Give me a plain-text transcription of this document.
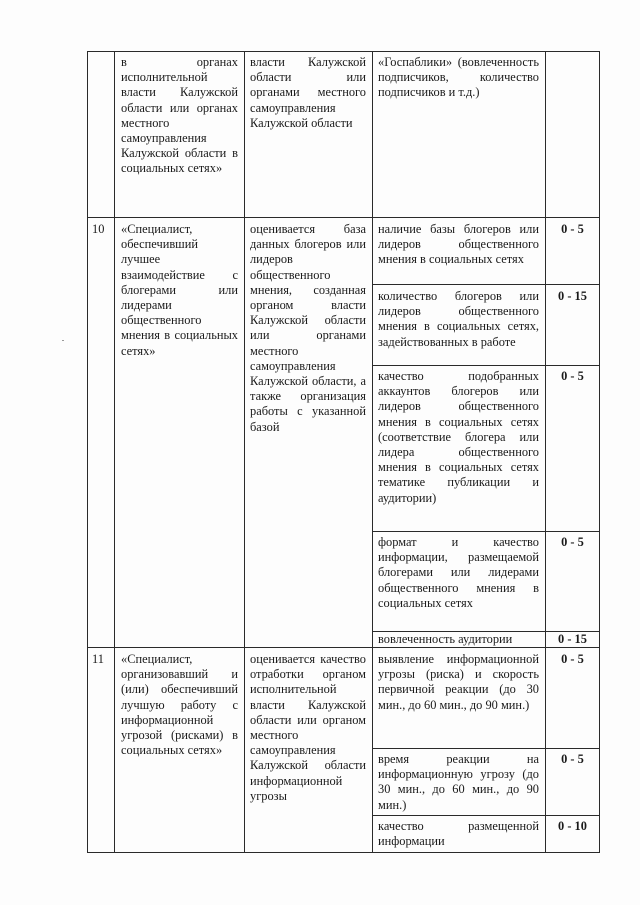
в органах исполнительной власти Калужской области или органах местного самоуправления Калужской области в социальных сетях»
власти Калужской области или органами местного самоуправления Калужской области
«Госпаблики» (вовлеченность подписчиков, количество подписчиков и т.д.)
10 «Специалист, обеспечивший лучшее взаимодействие с блогерами или лидерами общественного мнения в социальных сетях»
оценивается база данных блогеров или лидеров общественного мнения, созданная органом власти Калужской области или органами местного самоуправления Калужской области, а также организация работы с указанной базой
наличие базы блогеров или лидеров общественного мнения в социальных сетях
0 - 5
количество блогеров или лидеров общественного мнения в социальных сетях, задействованных в работе
0 - 15
качество подобранных аккаунтов блогеров или лидеров общественного мнения в социальных сетях (соответствие блогера или лидера общественного мнения в социальных сетях тематике публикации и аудитории)
0 - 5
формат и качество информации, размещаемой блогерами или лидерами общественного мнения в социальных сетях
0 - 5
вовлеченность аудитории	0 - 15
11 «Специалист, организовавший и (или) обеспечивший лучшую работу с информационной угрозой (рисками) в социальных сетях»
оценивается качество отработки органом исполнительной власти Калужской области или органом местного самоуправления Калужской области информационной угрозы
выявление информационной угрозы (риска) и скорость первичной реакции (до 30 мин., до 60 мин., до 90 мин.)
0 - 5
время реакции на информационную угрозу (до 30 мин., до 60 мин., до 90 мин.)
0 - 5
качество размещенной информации
0 - 10
